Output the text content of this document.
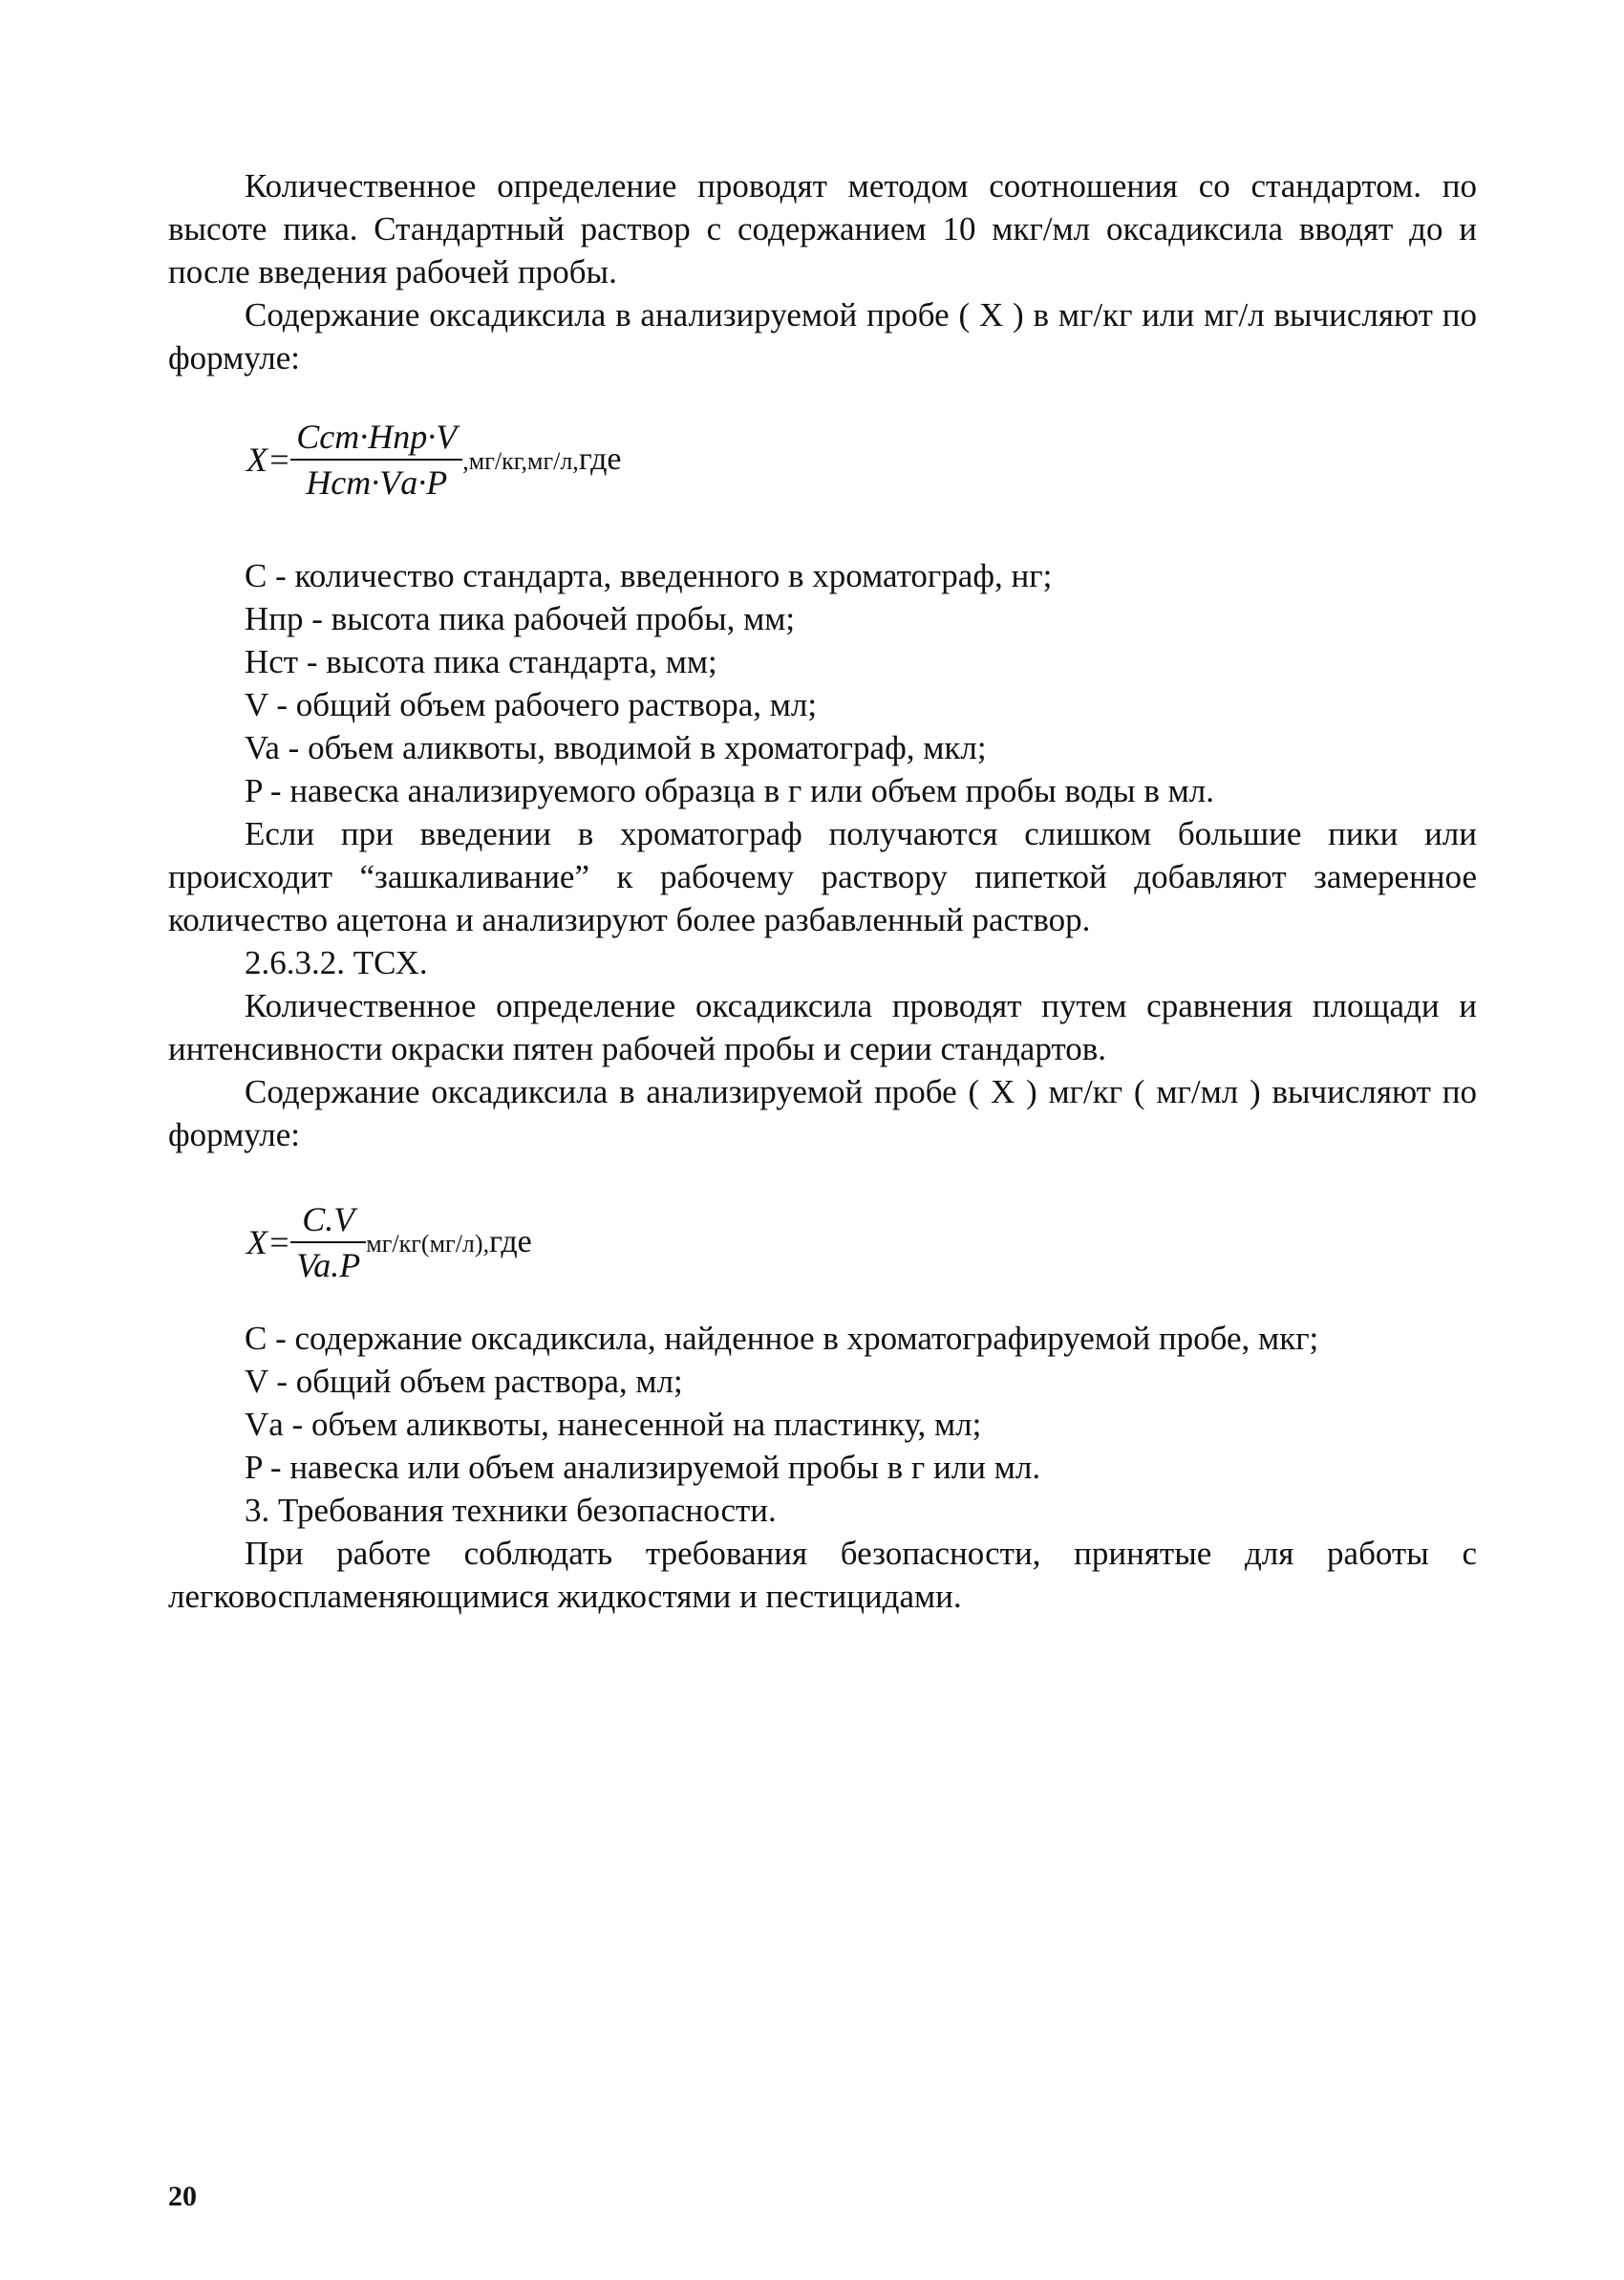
Количественное определение проводят методом соотношения со стандартом. по высоте пика. Стандартный раствор с содержанием 10 мкг/мл оксадиксила вводят до и после введения рабочей пробы.

Содержание оксадиксила в анализируемой пробе ( X ) в мг/кг или мг/л вычисляют по формуле:

$X= \frac{\text{Cст·Hпр·V}}{\text{Hст·Vа·P}} ,мг/кг,мг/л,где$

C - количество стандарта, введенного в хроматограф, нг;

Нпр - высота пика рабочей пробы, мм;

Нст - высота пика стандарта, мм;

V - общий объем рабочего раствора, мл;

Va - объем аликвоты, вводимой в хроматограф, мкл;

P - навеска анализируемого образца в г или объем пробы воды в мл.

Если при введении в хроматограф получаются слишком большие пики или происходит “зашкаливание” к рабочему раствору пипеткой добавляют замеренное количество ацетона и анализируют более разбавленный раствор.

2.6.3.2. ТСХ.

Количественное определение оксадиксила проводят путем сравнения площади и интенсивности окраски пятен рабочей пробы и серии стандартов.

Содержание оксадиксила в анализируемой пробе ( X ) мг/кг ( мг/мл ) вычисляют по формуле:

$X= \frac{C.V}{Va.P} мг/кг(мг/л),где$

C - содержание оксадиксила, найденное в хроматографируемой пробе, мкг;

V - общий объем раствора, мл;

Vа - объем аликвоты, нанесенной на пластинку, мл;

P - навеска или объем анализируемой пробы в г или мл.

3. Требования техники безопасности.

При работе соблюдать требования безопасности, принятые для работы с легковоспламеняющимися жидкостями и пестицидами.

20
